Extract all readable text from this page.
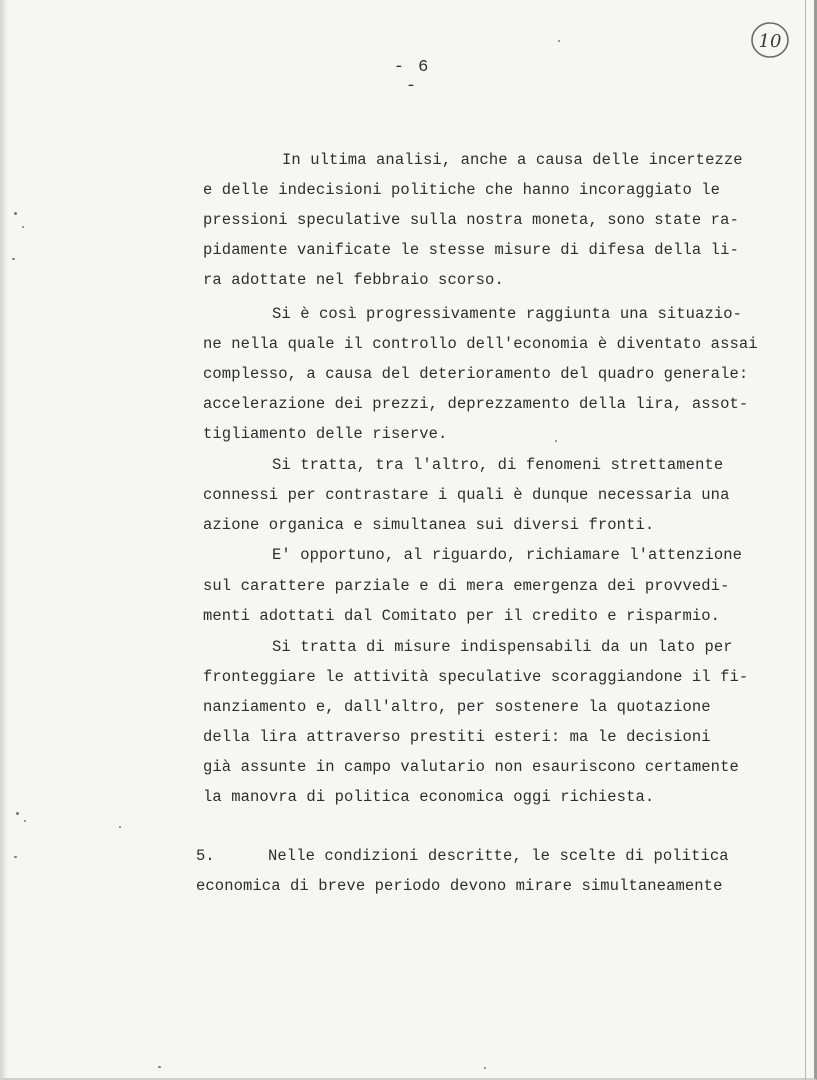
- 6 -
10
In ultima analisi, anche a causa delle incertezze
e delle indecisioni politiche che hanno incoraggiato le
pressioni speculative sulla nostra moneta, sono state ra-
pidamente vanificate le stesse misure di difesa della li-
ra adottate nel febbraio scorso.
Si è così progressivamente raggiunta una situazio-
ne nella quale il controllo dell'economia è diventato assai
complesso, a causa del deterioramento del quadro generale:
accelerazione dei prezzi, deprezzamento della lira, assot-
tigliamento delle riserve.
Si tratta, tra l'altro, di fenomeni strettamente
connessi per contrastare i quali è dunque necessaria una
azione organica e simultanea sui diversi fronti.
E' opportuno, al riguardo, richiamare l'attenzione
sul carattere parziale e di mera emergenza dei provvedi-
menti adottati dal Comitato per il credito e risparmio.
Si tratta di misure indispensabili da un lato per
fronteggiare le attività speculative scoraggiandone il fi-
nanziamento e, dall'altro, per sostenere la quotazione
della lira attraverso prestiti esteri: ma le decisioni
già assunte in campo valutario non esauriscono certamente
la manovra di politica economica oggi richiesta.
5.	Nelle condizioni descritte, le scelte di politica
economica di breve periodo devono mirare simultaneamente
